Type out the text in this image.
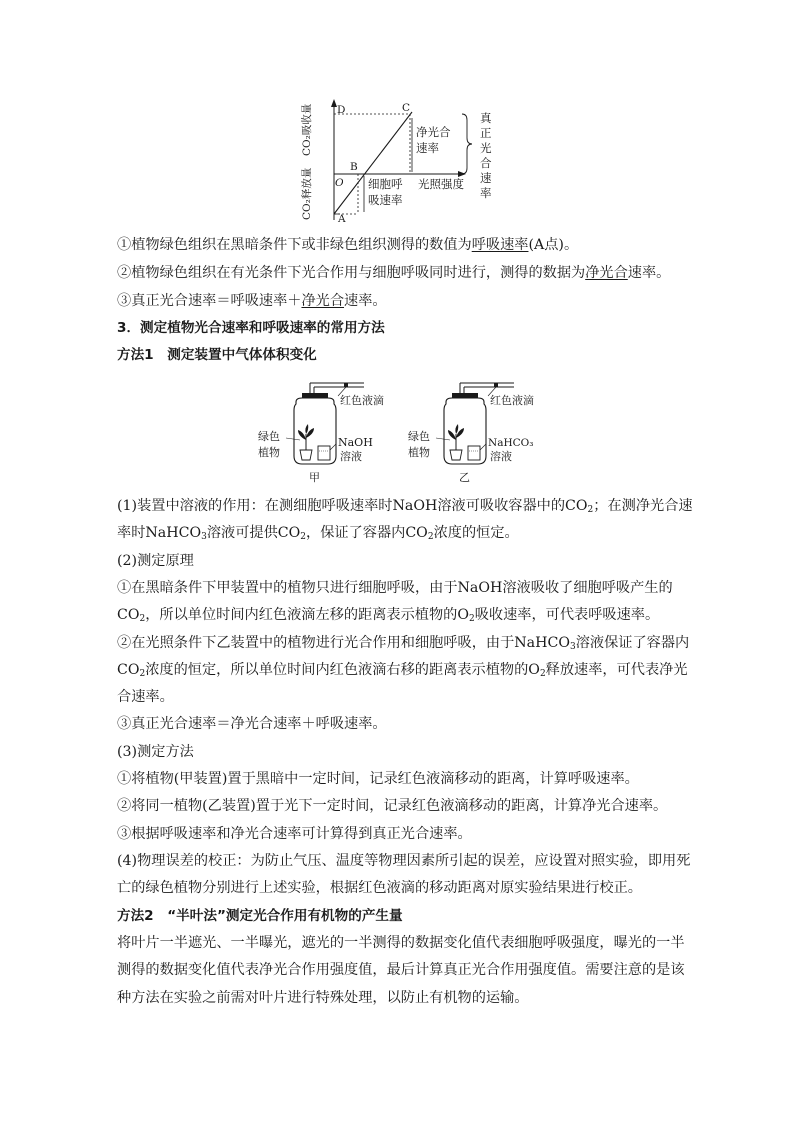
D	C
B
O
A
CO₂吸收量
CO₂释放量
净光合
速率
细胞呼
吸速率
光照强度
真正光合速率
①植物绿色组织在黑暗条件下或非绿色组织测得的数值为呼吸速率(A点)。
②植物绿色组织在有光条件下光合作用与细胞呼吸同时进行，测得的数据为净光合速率。
③真正光合速率＝呼吸速率＋净光合速率。
3．测定植物光合速率和呼吸速率的常用方法
方法1　测定装置中气体体积变化
红色液滴
绿色
植物
NaOH
溶液
甲
红色液滴
绿色
植物
NaHCO₃
溶液
乙
(1)装置中溶液的作用：在测细胞呼吸速率时NaOH溶液可吸收容器中的$CO_2$；在测净光合速
率时NaHCO$_3$溶液可提供$CO_2$，保证了容器内$CO_2$浓度的恒定。
(2)测定原理
①在黑暗条件下甲装置中的植物只进行细胞呼吸，由于NaOH溶液吸收了细胞呼吸产生的
$CO_2$，所以单位时间内红色液滴左移的距离表示植物的$O_2$吸收速率，可代表呼吸速率。
②在光照条件下乙装置中的植物进行光合作用和细胞呼吸，由于NaHCO$_3$溶液保证了容器内
$CO_2$浓度的恒定，所以单位时间内红色液滴右移的距离表示植物的$O_2$释放速率，可代表净光
合速率。
③真正光合速率＝净光合速率＋呼吸速率。
(3)测定方法
①将植物(甲装置)置于黑暗中一定时间，记录红色液滴移动的距离，计算呼吸速率。
②将同一植物(乙装置)置于光下一定时间，记录红色液滴移动的距离，计算净光合速率。
③根据呼吸速率和净光合速率可计算得到真正光合速率。
(4)物理误差的校正：为防止气压、温度等物理因素所引起的误差，应设置对照实验，即用死
亡的绿色植物分别进行上述实验，根据红色液滴的移动距离对原实验结果进行校正。
方法2　“半叶法”测定光合作用有机物的产生量
将叶片一半遮光、一半曝光，遮光的一半测得的数据变化值代表细胞呼吸强度，曝光的一半
测得的数据变化值代表净光合作用强度值，最后计算真正光合作用强度值。需要注意的是该
种方法在实验之前需对叶片进行特殊处理，以防止有机物的运输。
